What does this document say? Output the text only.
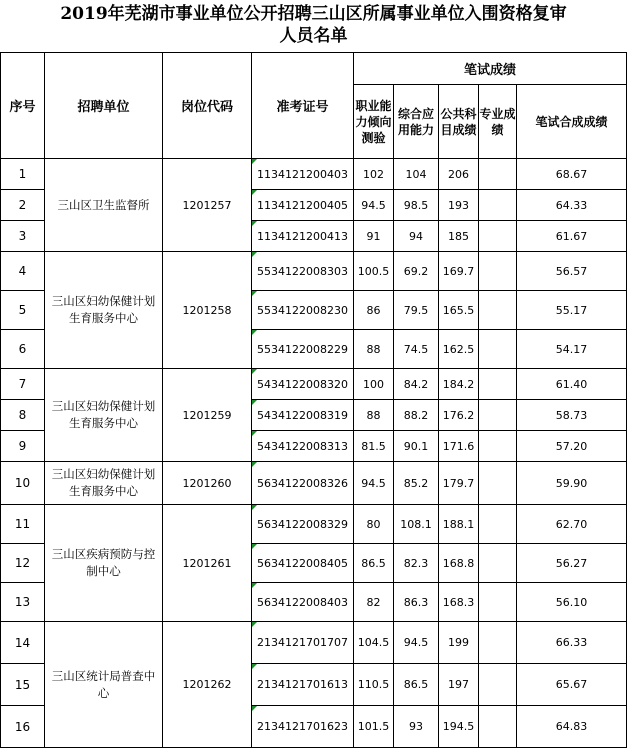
2019年芜湖市事业单位公开招聘三山区所属事业单位入围资格复审
人员名单
序号	招聘单位	岗位代码	准考证号	笔试成绩				
				职业能力倾向测验	综合应用能力	公共科目成绩	专业成绩	笔试合成成绩
1	三山区卫生监督所	1201257	1134121200403	102	104	206		68.67
2			1134121200405	94.5	98.5	193		64.33
3			1134121200413	91	94	185		61.67
4	三山区妇幼保健计划生育服务中心	1201258	5534122008303	100.5	69.2	169.7		56.57
5			5534122008230	86	79.5	165.5		55.17
6			5534122008229	88	74.5	162.5		54.17
7	三山区妇幼保健计划生育服务中心	1201259	5434122008320	100	84.2	184.2		61.40
8			5434122008319	88	88.2	176.2		58.73
9			5434122008313	81.5	90.1	171.6		57.20
10	三山区妇幼保健计划生育服务中心	1201260	5634122008326	94.5	85.2	179.7		59.90
11	三山区疾病预防与控制中心	1201261	5634122008329	80	108.1	188.1		62.70
12			5634122008405	86.5	82.3	168.8		56.27
13			5634122008403	82	86.3	168.3		56.10
14	三山区统计局普查中心	1201262	2134121701707	104.5	94.5	199		66.33
15			2134121701613	110.5	86.5	197		65.67
16			2134121701623	101.5	93	194.5		64.83
